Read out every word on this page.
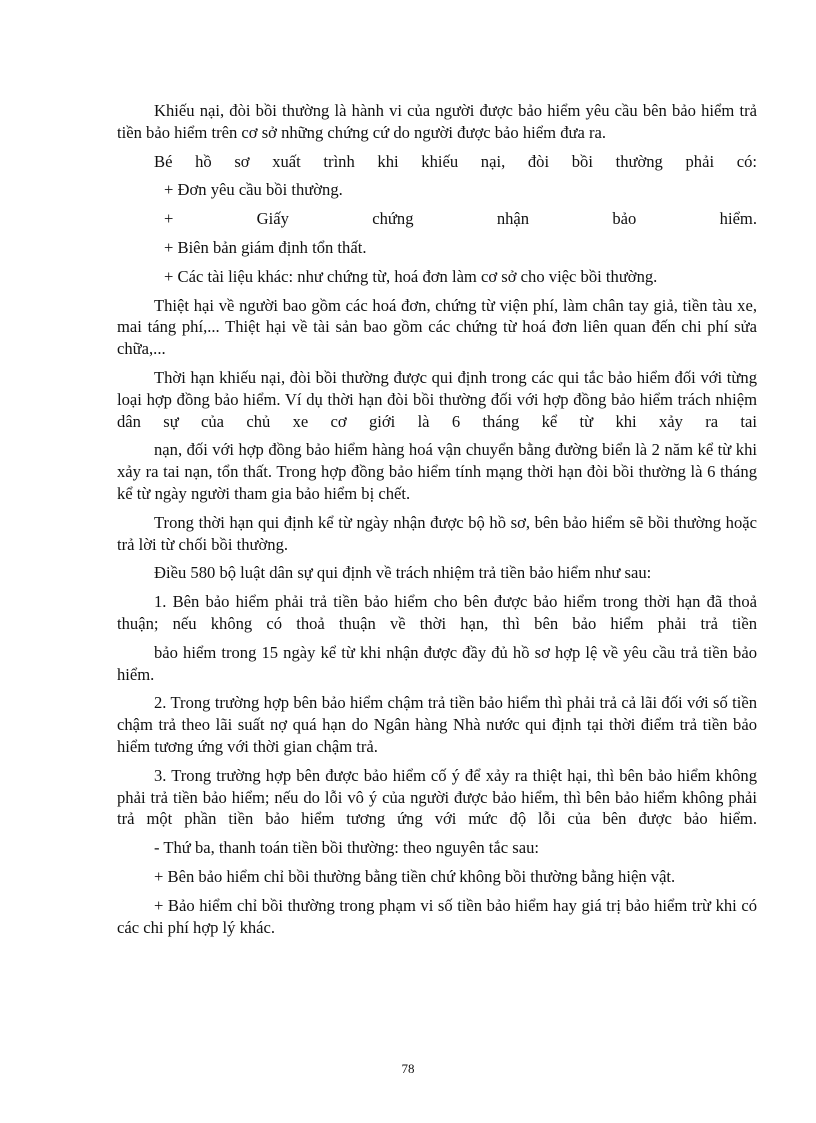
Khiếu nại, đòi bồi thường là hành vi của người được bảo hiểm yêu cầu bên bảo hiểm trả tiền bảo hiểm trên cơ sở những chứng cứ do người được bảo hiểm đưa ra.

Bé hồ sơ xuất trình khi khiếu nại, đòi bồi thường phải có:

+ Đơn yêu cầu bồi thường.

+ Giấy chứng nhận bảo hiểm.

+ Biên bản giám định tổn thất.

+ Các tài liệu khác: như chứng từ, hoá đơn làm cơ sở cho việc bồi thường.

Thiệt hại về người bao gồm các hoá đơn, chứng từ viện phí, làm chân tay giả, tiền tàu xe, mai táng phí,... Thiệt hại về tài sản bao gồm các chứng từ hoá đơn liên quan đến chi phí sửa chữa,...

Thời hạn khiếu nại, đòi bồi thường được qui định trong các qui tắc bảo hiểm đối với từng loại hợp đồng bảo hiểm. Ví dụ thời hạn đòi bồi thường đối với hợp đồng bảo hiểm trách nhiệm dân sự của chủ xe cơ giới là 6 tháng kể từ khi xảy ra tai

nạn, đối với hợp đồng bảo hiểm hàng hoá vận chuyển bằng đường biển là 2 năm kể từ khi xảy ra tai nạn, tổn thất. Trong hợp đồng bảo hiểm tính mạng thời hạn đòi bồi thường là 6 tháng kể từ ngày người tham gia bảo hiểm bị chết.

Trong thời hạn qui định kể từ ngày nhận được bộ hồ sơ, bên bảo hiểm sẽ bồi thường hoặc trả lời từ chối bồi thường.

Điều 580 bộ luật dân sự qui định về trách nhiệm trả tiền bảo hiểm như sau:

1. Bên bảo hiểm phải trả tiền bảo hiểm cho bên được bảo hiểm trong thời hạn đã thoả thuận; nếu không có thoả thuận về thời hạn, thì bên bảo hiểm phải trả tiền

bảo hiểm trong 15 ngày kể từ khi nhận được đầy đủ hồ sơ hợp lệ về yêu cầu trả tiền bảo hiểm.

2. Trong trường hợp bên bảo hiểm chậm trả tiền bảo hiểm thì phải trả cả lãi đối với số tiền chậm trả theo lãi suất nợ quá hạn do Ngân hàng Nhà nước qui định tại thời điểm trả tiền bảo hiểm tương ứng với thời gian chậm trả.

3. Trong trường hợp bên được bảo hiểm cố ý để xảy ra thiệt hại, thì bên bảo hiểm không phải trả tiền bảo hiểm; nếu do lỗi vô ý của người được bảo hiểm, thì bên bảo hiểm không phải trả một phần tiền bảo hiểm tương ứng với mức độ lỗi của bên được bảo hiểm.

- Thứ ba, thanh toán tiền bồi thường: theo nguyên tắc sau:

+ Bên bảo hiểm chỉ bồi thường bằng tiền chứ không bồi thường bằng hiện vật.

+ Bảo hiểm chỉ bồi thường trong phạm vi số tiền bảo hiểm hay giá trị bảo hiểm trừ khi có các chi phí hợp lý khác.

78
